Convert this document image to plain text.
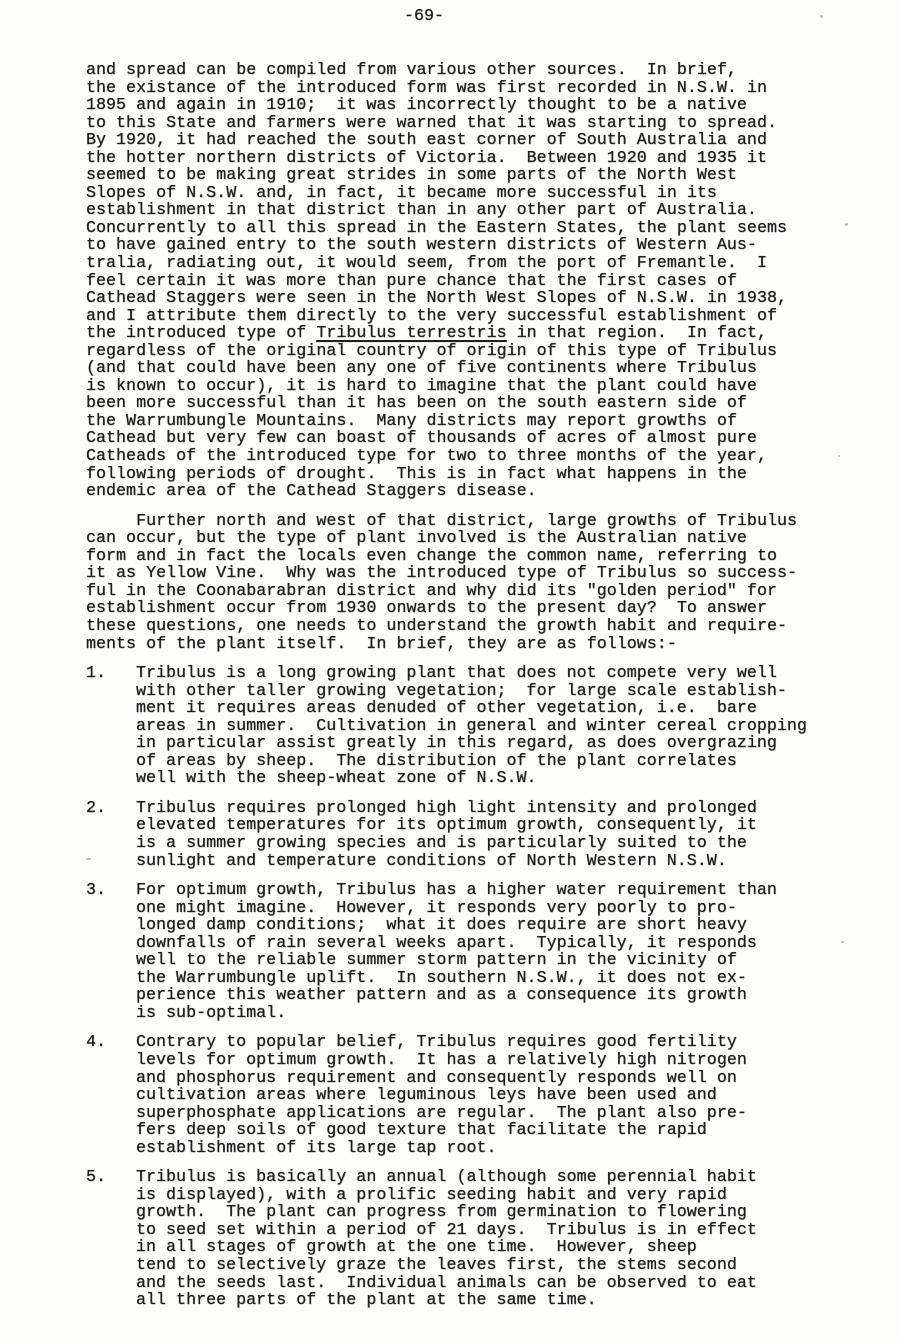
-69-
and spread can be compiled from various other sources.  In brief,
the existance of the introduced form was first recorded in N.S.W. in
1895 and again in 1910;  it was incorrectly thought to be a native
to this State and farmers were warned that it was starting to spread.
By 1920, it had reached the south east corner of South Australia and
the hotter northern districts of Victoria.  Between 1920 and 1935 it
seemed to be making great strides in some parts of the North West
Slopes of N.S.W. and, in fact, it became more successful in its
establishment in that district than in any other part of Australia.
Concurrently to all this spread in the Eastern States, the plant seems
to have gained entry to the south western districts of Western Aus-
tralia, radiating out, it would seem, from the port of Fremantle.  I
feel certain it was more than pure chance that the first cases of
Cathead Staggers were seen in the North West Slopes of N.S.W. in 1938,
and I attribute them directly to the very successful establishment of
the introduced type of Tribulus terrestris in that region.  In fact,
regardless of the original country of origin of this type of Tribulus
(and that could have been any one of five continents where Tribulus
is known to occur), it is hard to imagine that the plant could have
been more successful than it has been on the south eastern side of
the Warrumbungle Mountains.  Many districts may report growths of
Cathead but very few can boast of thousands of acres of almost pure
Catheads of the introduced type for two to three months of the year,
following periods of drought.  This is in fact what happens in the
endemic area of the Cathead Staggers disease.
Further north and west of that district, large growths of Tribulus
can occur, but the type of plant involved is the Australian native
form and in fact the locals even change the common name, referring to
it as Yellow Vine.  Why was the introduced type of Tribulus so success-
ful in the Coonabarabran district and why did its "golden period" for
establishment occur from 1930 onwards to the present day?  To answer
these questions, one needs to understand the growth habit and require-
ments of the plant itself.  In brief, they are as follows:-
1.	Tribulus is a long growing plant that does not compete very well
with other taller growing vegetation;  for large scale establish-
ment it requires areas denuded of other vegetation, i.e.  bare
areas in summer.  Cultivation in general and winter cereal cropping
in particular assist greatly in this regard, as does overgrazing
of areas by sheep.  The distribution of the plant correlates
well with the sheep-wheat zone of N.S.W.
2.	Tribulus requires prolonged high light intensity and prolonged
elevated temperatures for its optimum growth, consequently, it
is a summer growing species and is particularly suited to the
sunlight and temperature conditions of North Western N.S.W.
3.	For optimum growth, Tribulus has a higher water requirement than
one might imagine.  However, it responds very poorly to pro-
longed damp conditions;  what it does require are short heavy
downfalls of rain several weeks apart.  Typically, it responds
well to the reliable summer storm pattern in the vicinity of
the Warrumbungle uplift.  In southern N.S.W., it does not ex-
perience this weather pattern and as a consequence its growth
is sub-optimal.
4.	Contrary to popular belief, Tribulus requires good fertility
levels for optimum growth.  It has a relatively high nitrogen
and phosphorus requirement and consequently responds well on
cultivation areas where leguminous leys have been used and
superphosphate applications are regular.  The plant also pre-
fers deep soils of good texture that facilitate the rapid
establishment of its large tap root.
5.	Tribulus is basically an annual (although some perennial habit
is displayed), with a prolific seeding habit and very rapid
growth.  The plant can progress from germination to flowering
to seed set within a period of 21 days.  Tribulus is in effect
in all stages of growth at the one time.  However, sheep
tend to selectively graze the leaves first, the stems second
and the seeds last.  Individual animals can be observed to eat
all three parts of the plant at the same time.
